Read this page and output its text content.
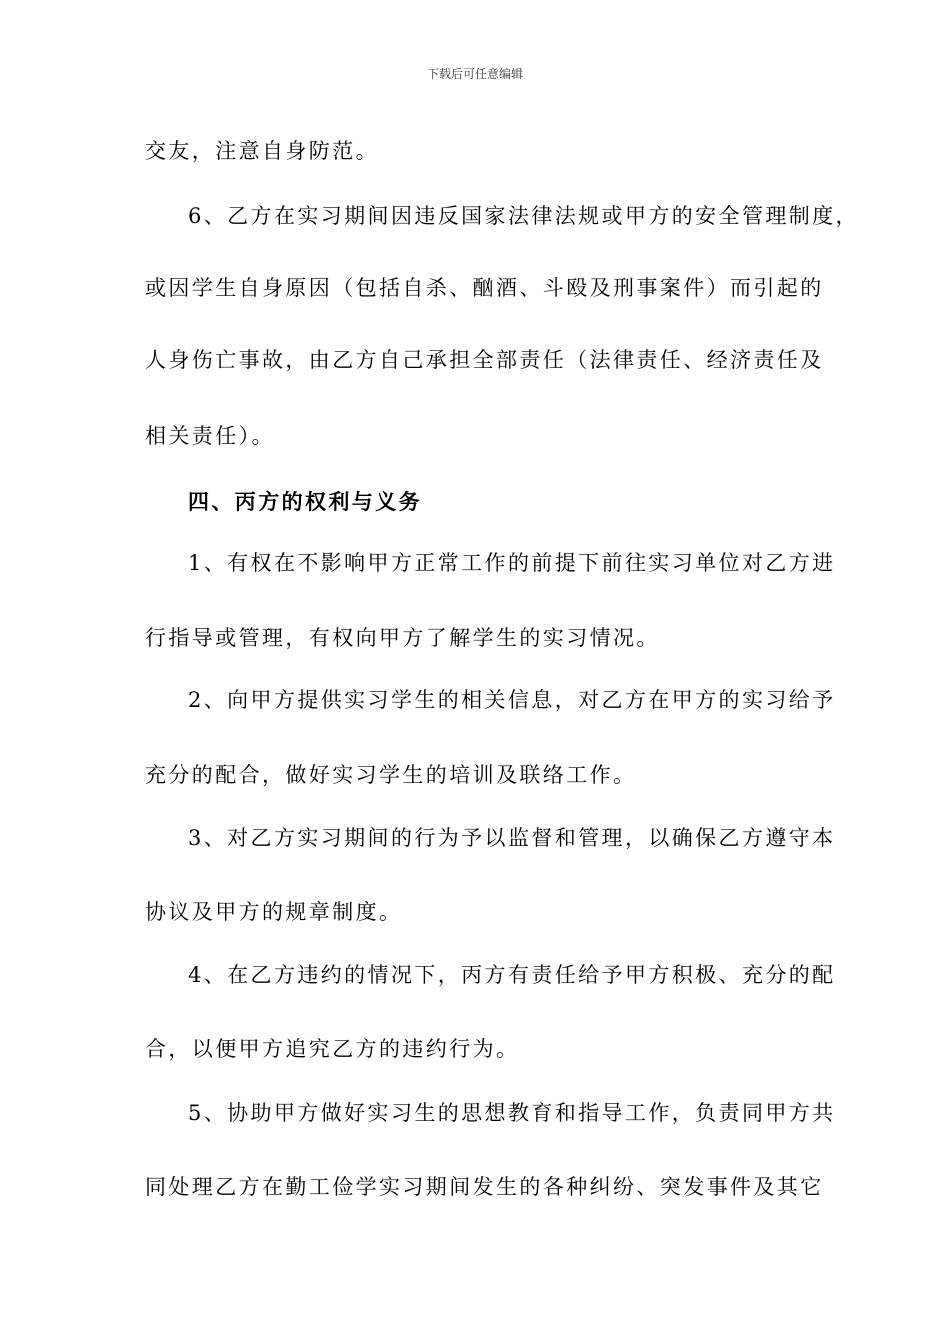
下载后可任意编辑
交友，注意自身防范。
6、乙方在实习期间因违反国家法律法规或甲方的安全管理制度，
或因学生自身原因（包括自杀、酗酒、斗殴及刑事案件）而引起的
人身伤亡事故，由乙方自己承担全部责任（法律责任、经济责任及
相关责任）。
四、丙方的权利与义务
1、有权在不影响甲方正常工作的前提下前往实习单位对乙方进
行指导或管理，有权向甲方了解学生的实习情况。
2、向甲方提供实习学生的相关信息，对乙方在甲方的实习给予
充分的配合，做好实习学生的培训及联络工作。
3、对乙方实习期间的行为予以监督和管理，以确保乙方遵守本
协议及甲方的规章制度。
4、在乙方违约的情况下，丙方有责任给予甲方积极、充分的配
合，以便甲方追究乙方的违约行为。
5、协助甲方做好实习生的思想教育和指导工作，负责同甲方共
同处理乙方在勤工俭学实习期间发生的各种纠纷、突发事件及其它
